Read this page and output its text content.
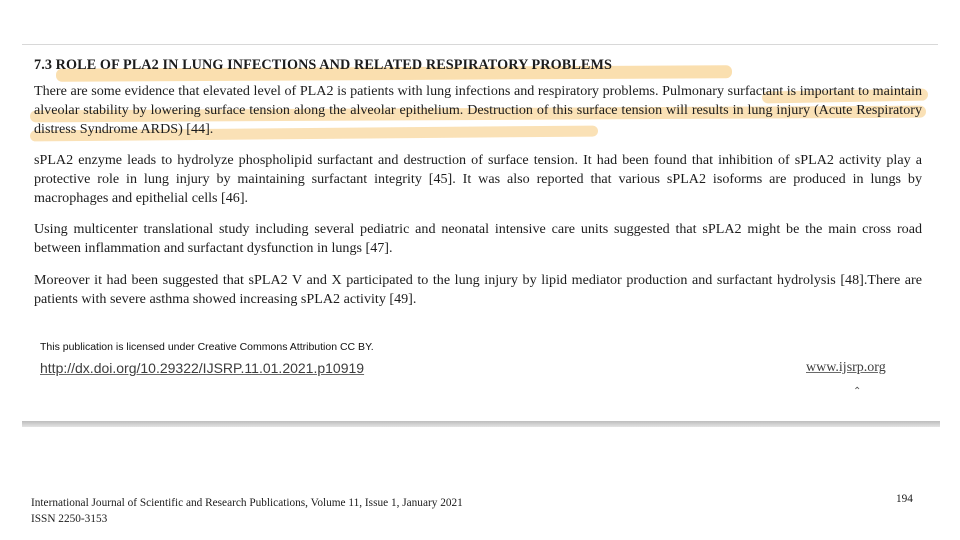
7.3 ROLE OF PLA2 IN LUNG INFECTIONS AND RELATED RESPIRATORY PROBLEMS

There are some evidence that elevated level of PLA2 is patients with lung infections and respiratory problems. Pulmonary surfactant is important to maintain alveolar stability by lowering surface tension along the alveolar epithelium. Destruction of this surface tension will results in lung injury (Acute Respiratory distress Syndrome ARDS) [44].

sPLA2 enzyme leads to hydrolyze phospholipid surfactant and destruction of surface tension. It had been found that inhibition of sPLA2 activity play a protective role in lung injury by maintaining surfactant integrity [45]. It was also reported that various sPLA2 isoforms are produced in lungs by macrophages and epithelial cells [46].

Using multicenter translational study including several pediatric and neonatal intensive care units suggested that sPLA2 might be the main cross road between inflammation and surfactant dysfunction in lungs [47].

Moreover it had been suggested that sPLA2 V and X participated to the lung injury by lipid mediator production and surfactant hydrolysis [48].There are patients with severe asthma showed increasing sPLA2 activity [49].

This publication is licensed under Creative Commons Attribution CC BY.
http://dx.doi.org/10.29322/IJSRP.11.01.2021.p10919	www.ijsrp.org
⌃
International Journal of Scientific and Research Publications, Volume 11, Issue 1, January 2021
ISSN 2250-3153
194
